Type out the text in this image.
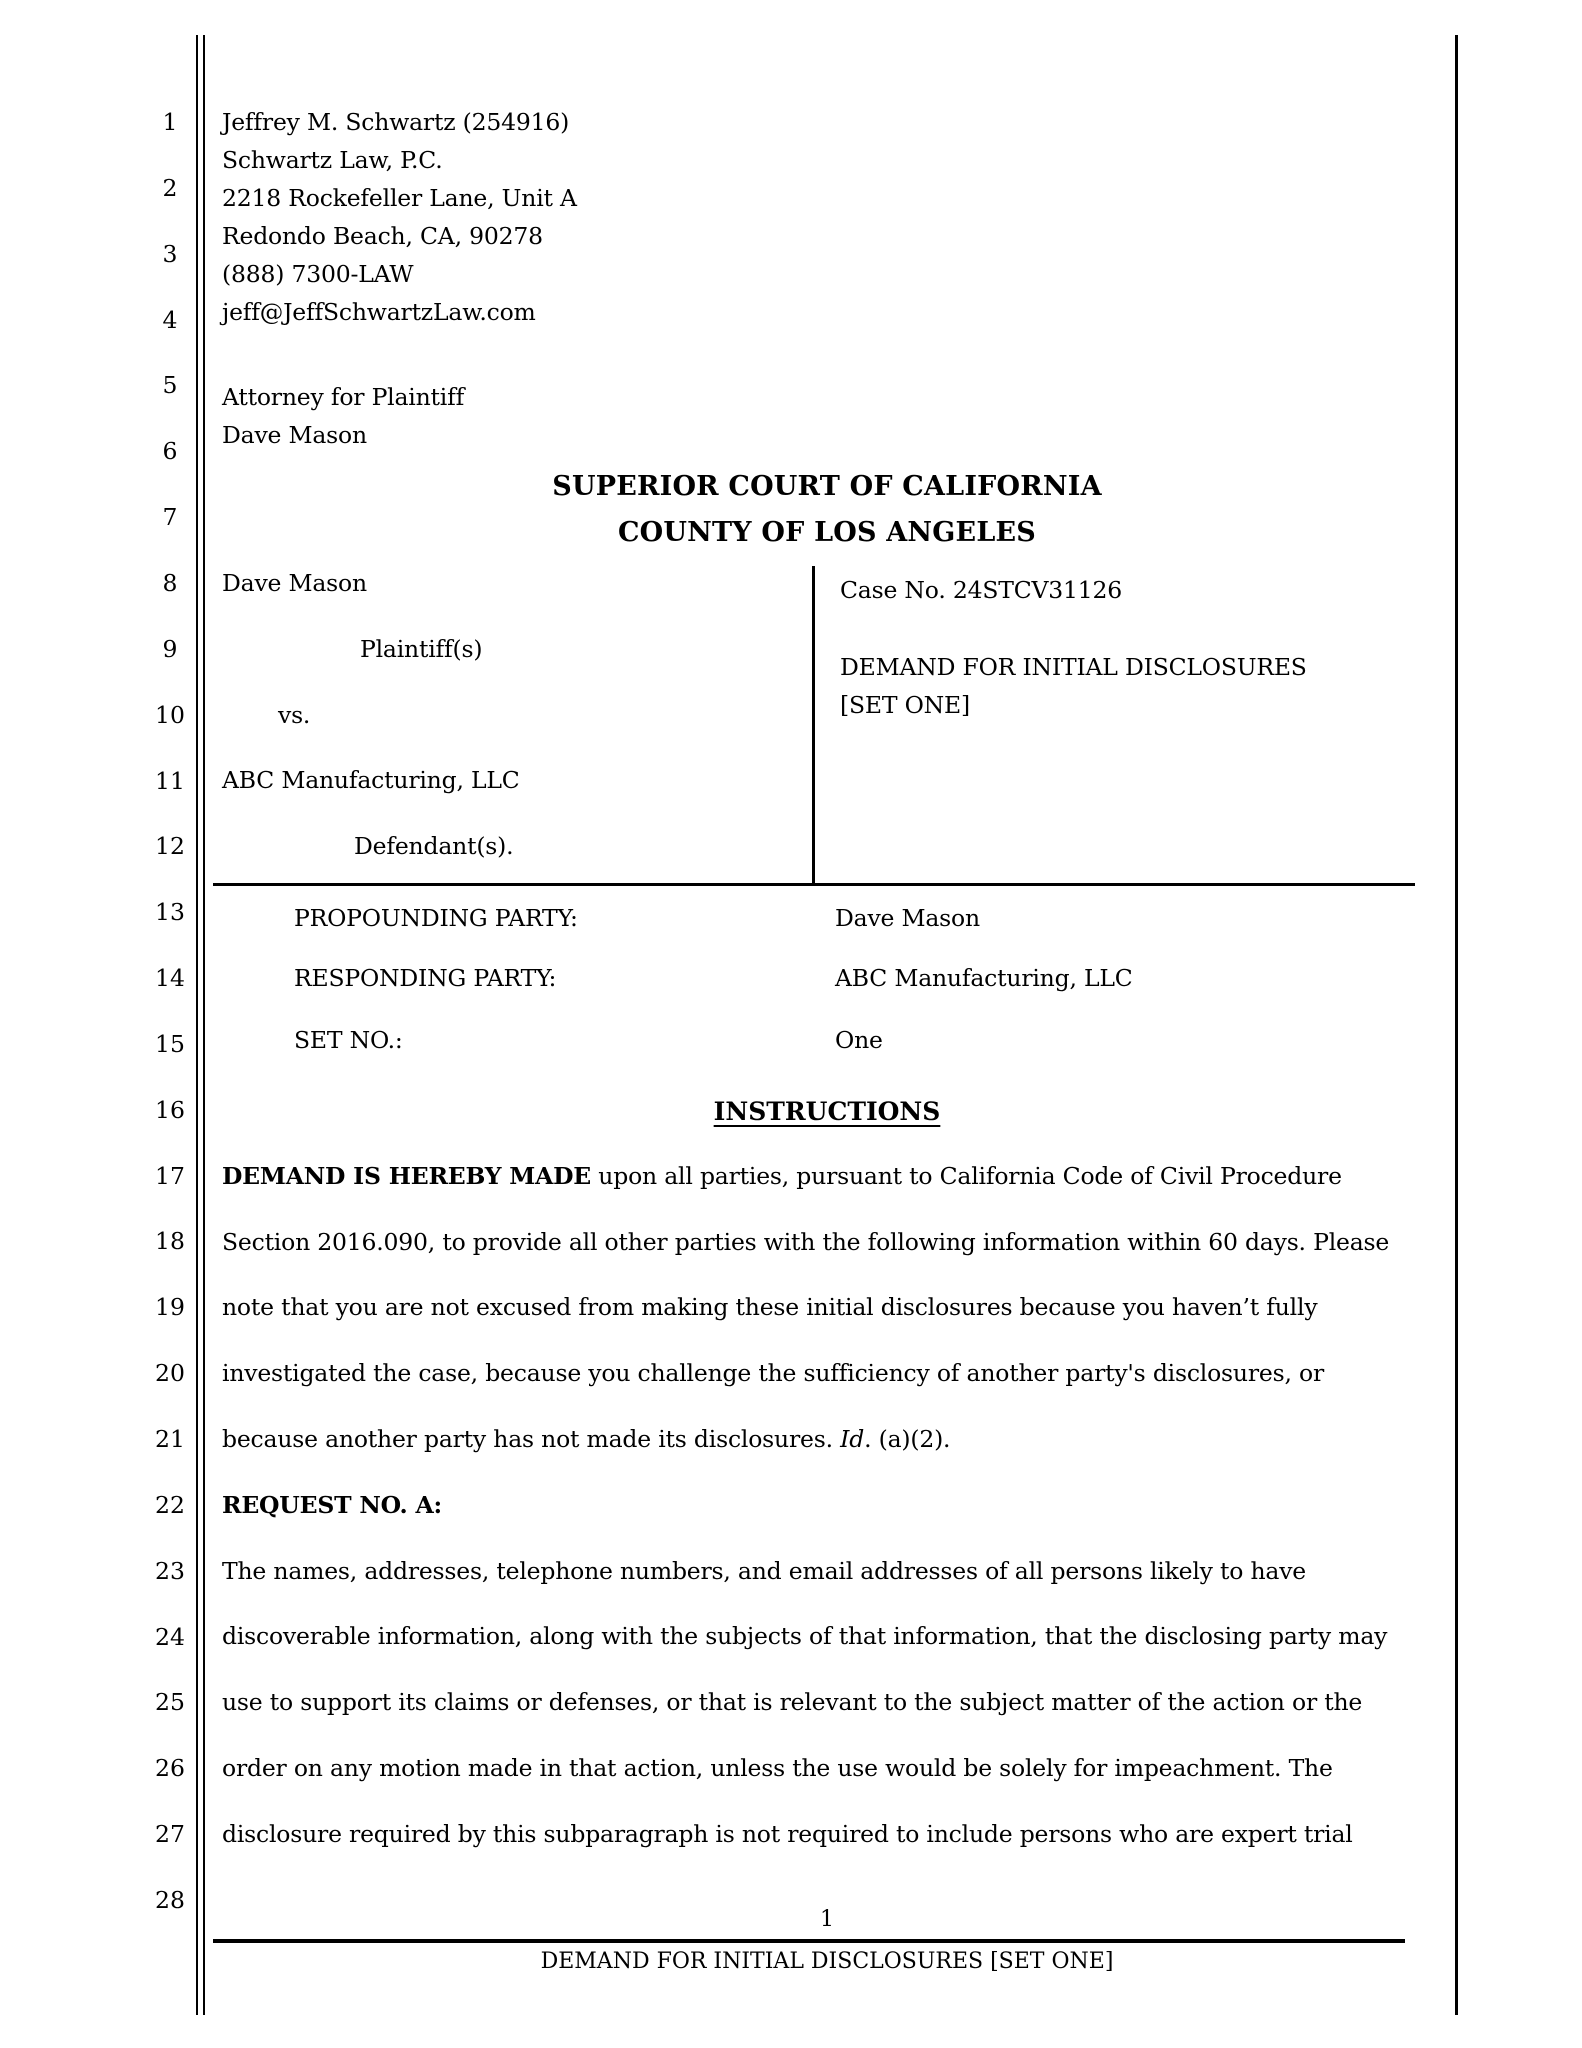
1
2
3
4
5
6
7
8
9
10
11
12
13
14
15
16
17
18
19
20
21
22
23
24
25
26
27
28
Jeffrey M. Schwartz (254916)
Schwartz Law, P.C.
2218 Rockefeller Lane, Unit A
Redondo Beach, CA, 90278
(888) 7300-LAW
jeff@JeffSchwartzLaw.com
Attorney for Plaintiff
Dave Mason
SUPERIOR COURT OF CALIFORNIA
COUNTY OF LOS ANGELES
Dave Mason
Plaintiff(s)
vs.
ABC Manufacturing, LLC
Defendant(s).
Case No. 24STCV31126
DEMAND FOR INITIAL DISCLOSURES
[SET ONE]
PROPOUNDING PARTY:	Dave Mason
RESPONDING PARTY:	ABC Manufacturing, LLC
SET NO.:	One
INSTRUCTIONS
DEMAND IS HEREBY MADE upon all parties, pursuant to California Code of Civil Procedure
Section 2016.090, to provide all other parties with the following information within 60 days. Please
note that you are not excused from making these initial disclosures because you haven’t fully
investigated the case, because you challenge the sufficiency of another party's disclosures, or
because another party has not made its disclosures. Id. (a)(2).
REQUEST NO. A:
The names, addresses, telephone numbers, and email addresses of all persons likely to have
discoverable information, along with the subjects of that information, that the disclosing party may
use to support its claims or defenses, or that is relevant to the subject matter of the action or the
order on any motion made in that action, unless the use would be solely for impeachment. The
disclosure required by this subparagraph is not required to include persons who are expert trial
1
DEMAND FOR INITIAL DISCLOSURES [SET ONE]
